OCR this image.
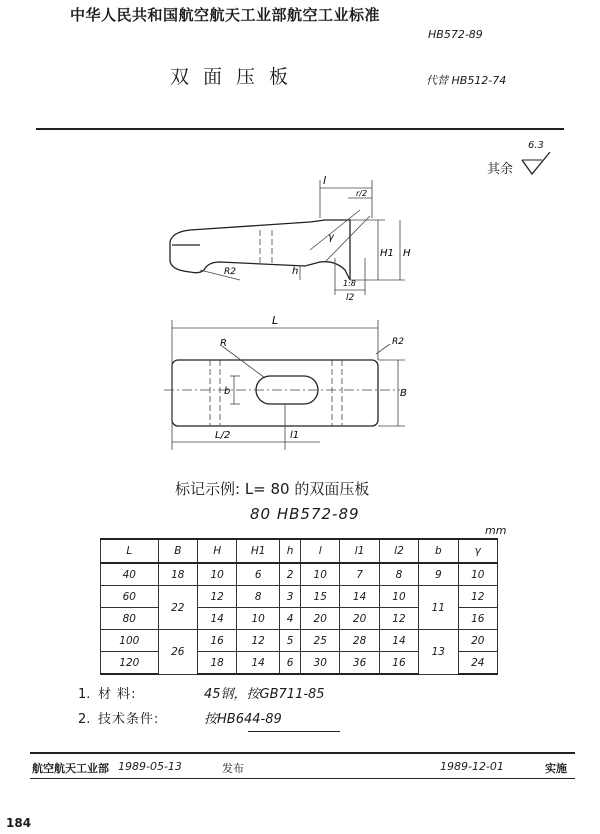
中华人民共和国航空航天工业部航空工业标准
HB572-89
双面压板	代替 HB512-74
其余
6.3
l
r/2
γ
H1 H
h
R2
1:8
l2
L
R	R2
b	B
L/2	l1
标记示例: L= 80 的双面压板
80 HB572-89
mm
L	B	H	H1	h	l	l1	l2	b	γ
40	18	10	6	2	10	7	8	9	10
60	22	12	8	3	15	14	10	11	12
80		14	10	4	20	20	12		16
100	26	16	12	5	25	28	14	13	20
120		18	14	6	30	36	16		24
1. 材 料:	45钢，按GB711-85
2. 技术条件:	按HB644-89
航空航天工业部 1989-05-13	发布	1989-12-01	实施
184
